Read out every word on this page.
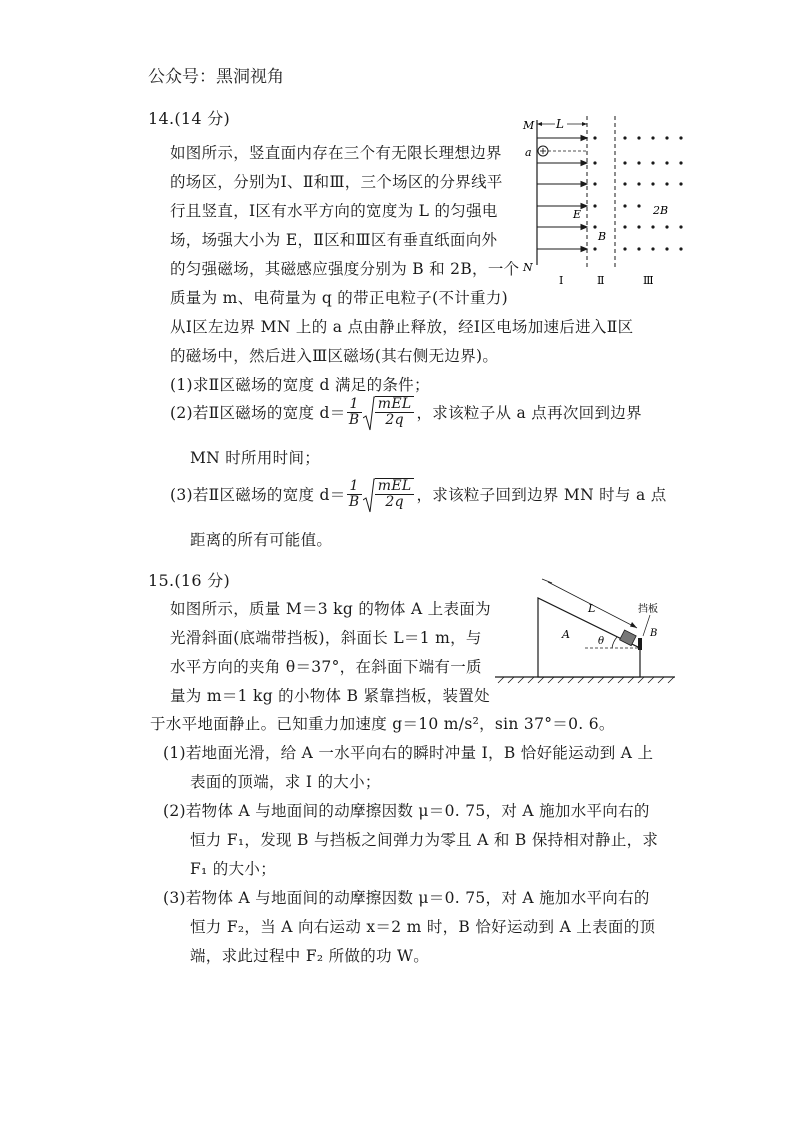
公众号：黑洞视角
14.(14 分)
如图所示，竖直面内存在三个有无限长理想边界
的场区，分别为Ⅰ、Ⅱ和Ⅲ，三个场区的分界线平
行且竖直，Ⅰ区有水平方向的宽度为 L 的匀强电
场，场强大小为 E，Ⅱ区和Ⅲ区有垂直纸面向外
的匀强磁场，其磁感应强度分别为 B 和 2B，一个
质量为 m、电荷量为 q 的带正电粒子(不计重力)
从Ⅰ区左边界 MN 上的 a 点由静止释放，经Ⅰ区电场加速后进入Ⅱ区
的磁场中，然后进入Ⅲ区磁场(其右侧无边界)。
(1)求Ⅱ区磁场的宽度 d 满足的条件；
(2)若Ⅱ区磁场的宽度 $d= \frac{1}{B} \frac{\text{mEL}}{2q}$ ，求该粒子从 a 点再次回到边界
MN 时所用时间；
(3)若Ⅱ区磁场的宽度 $d= \frac{1}{B} \frac{\text{mEL}}{2q}$ ，求该粒子回到边界 MN 时与 a 点
距离的所有可能值。
L
M
a
N
E
B
2B
Ⅰ	Ⅱ	Ⅲ
15.(16 分)
如图所示，质量 M＝3 kg 的物体 A 上表面为
光滑斜面(底端带挡板)，斜面长 L＝1 m，与
水平方向的夹角 θ＝37°，在斜面下端有一质
量为 m＝1 kg 的小物体 B 紧靠挡板，装置处
于水平地面静止。已知重力加速度 g＝10 m/s²，sin 37°＝0. 6。
(1)若地面光滑，给 A 一水平向右的瞬时冲量 I，B 恰好能运动到 A 上
表面的顶端，求 I 的大小；
(2)若物体 A 与地面间的动摩擦因数 μ＝0. 75，对 A 施加水平向右的
恒力 F₁，发现 B 与挡板之间弹力为零且 A 和 B 保持相对静止，求
F₁ 的大小；
(3)若物体 A 与地面间的动摩擦因数 μ＝0. 75，对 A 施加水平向右的
恒力 F₂，当 A 向右运动 x＝2 m 时，B 恰好运动到 A 上表面的顶
端，求此过程中 F₂ 所做的功 W。
θ
L
A
挡板
B
